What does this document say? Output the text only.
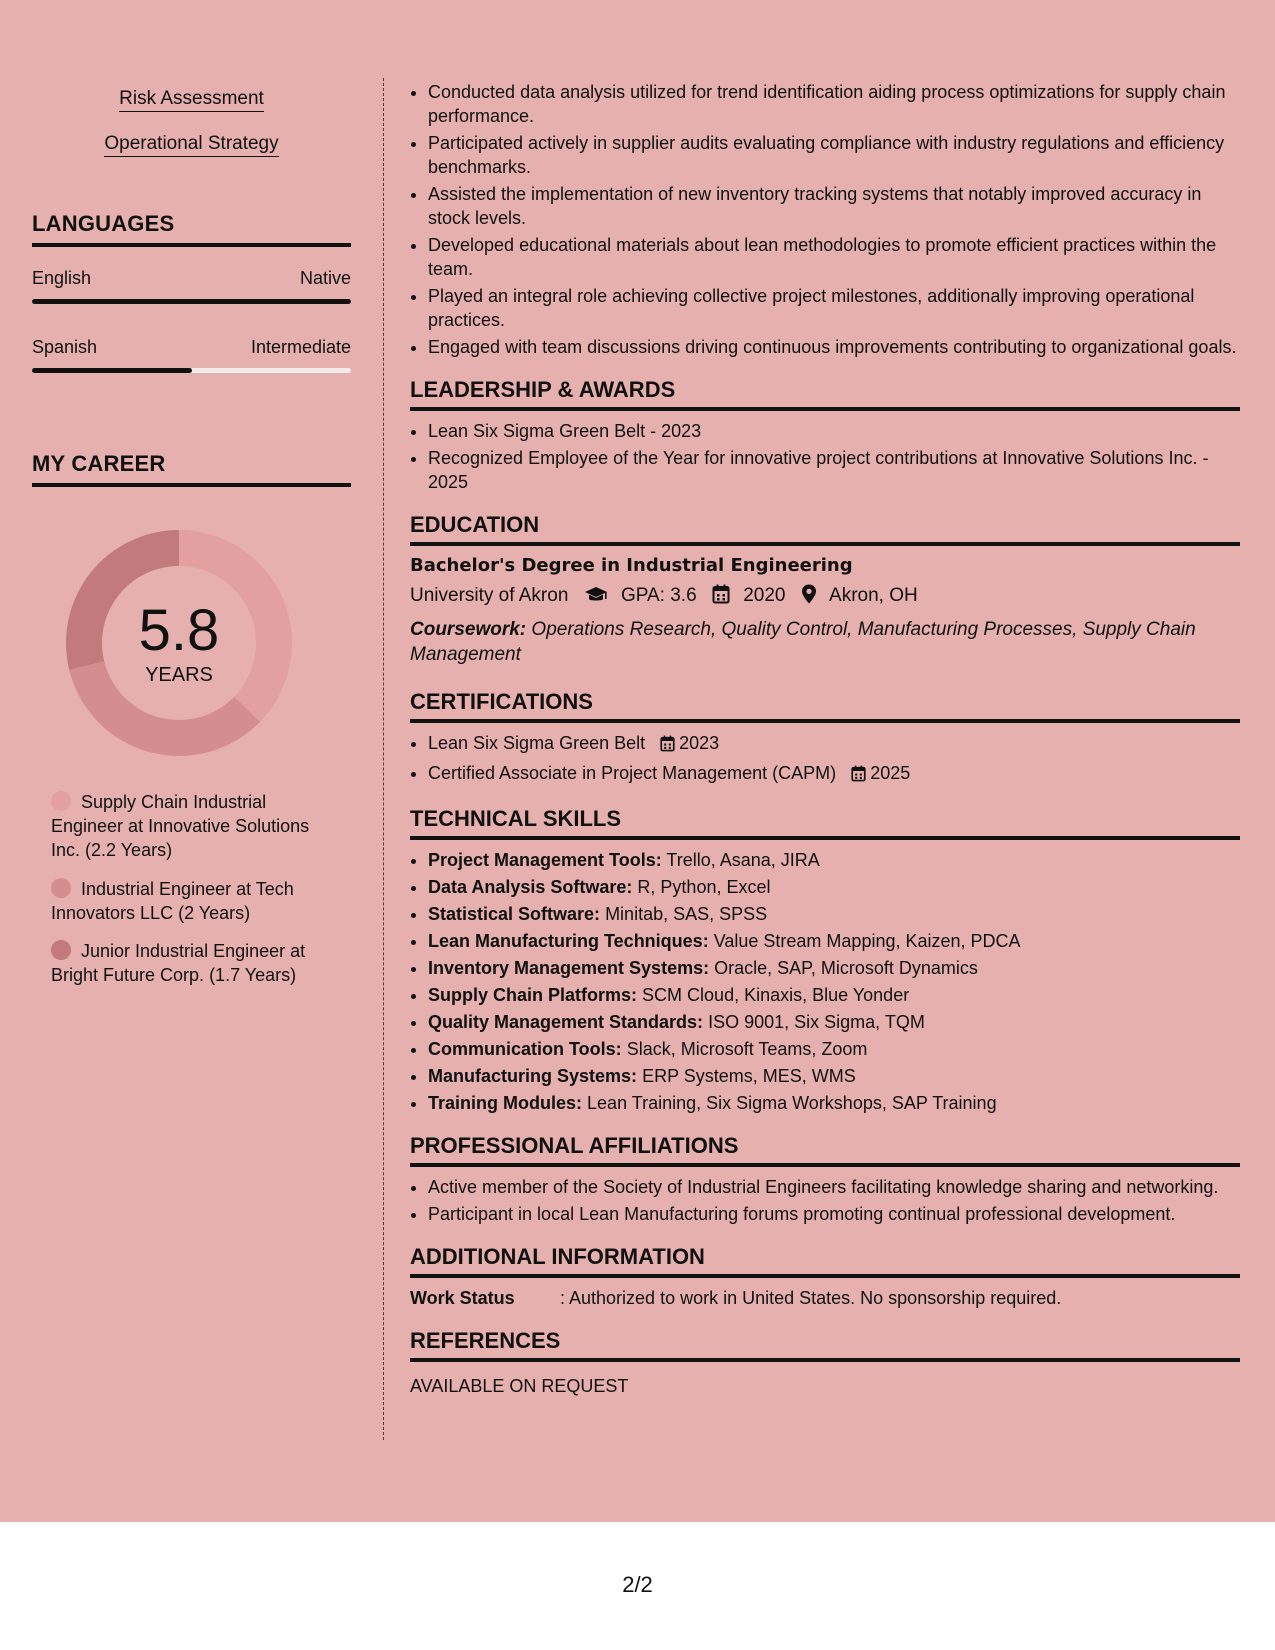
Risk Assessment
Operational Strategy
LANGUAGES
English	Native
Spanish	Intermediate
MY CAREER
5.8
YEARS
Supply Chain Industrial Engineer at Innovative Solutions Inc. (2.2 Years)
Industrial Engineer at Tech Innovators LLC (2 Years)
Junior Industrial Engineer at Bright Future Corp. (1.7 Years)
• Conducted data analysis utilized for trend identification aiding process optimizations for supply chain performance.
• Participated actively in supplier audits evaluating compliance with industry regulations and efficiency benchmarks.
• Assisted the implementation of new inventory tracking systems that notably improved accuracy in stock levels.
• Developed educational materials about lean methodologies to promote efficient practices within the team.
• Played an integral role achieving collective project milestones, additionally improving operational practices.
• Engaged with team discussions driving continuous improvements contributing to organizational goals.
LEADERSHIP & AWARDS
• Lean Six Sigma Green Belt - 2023
• Recognized Employee of the Year for innovative project contributions at Innovative Solutions Inc. - 2025
EDUCATION
Bachelor's Degree in Industrial Engineering
University of Akron	GPA: 3.6 2020 Akron, OH
Coursework: Operations Research, Quality Control, Manufacturing Processes, Supply Chain Management
CERTIFICATIONS
• Lean Six Sigma Green Belt 2023
• Certified Associate in Project Management (CAPM) 2025
TECHNICAL SKILLS
• Project Management Tools: Trello, Asana, JIRA
• Data Analysis Software: R, Python, Excel
• Statistical Software: Minitab, SAS, SPSS
• Lean Manufacturing Techniques: Value Stream Mapping, Kaizen, PDCA
• Inventory Management Systems: Oracle, SAP, Microsoft Dynamics
• Supply Chain Platforms: SCM Cloud, Kinaxis, Blue Yonder
• Quality Management Standards: ISO 9001, Six Sigma, TQM
• Communication Tools: Slack, Microsoft Teams, Zoom
• Manufacturing Systems: ERP Systems, MES, WMS
• Training Modules: Lean Training, Six Sigma Workshops, SAP Training
PROFESSIONAL AFFILIATIONS
• Active member of the Society of Industrial Engineers facilitating knowledge sharing and networking.
• Participant in local Lean Manufacturing forums promoting continual professional development.
ADDITIONAL INFORMATION
Work Status	: Authorized to work in United States. No sponsorship required.
REFERENCES
AVAILABLE ON REQUEST
2/2
